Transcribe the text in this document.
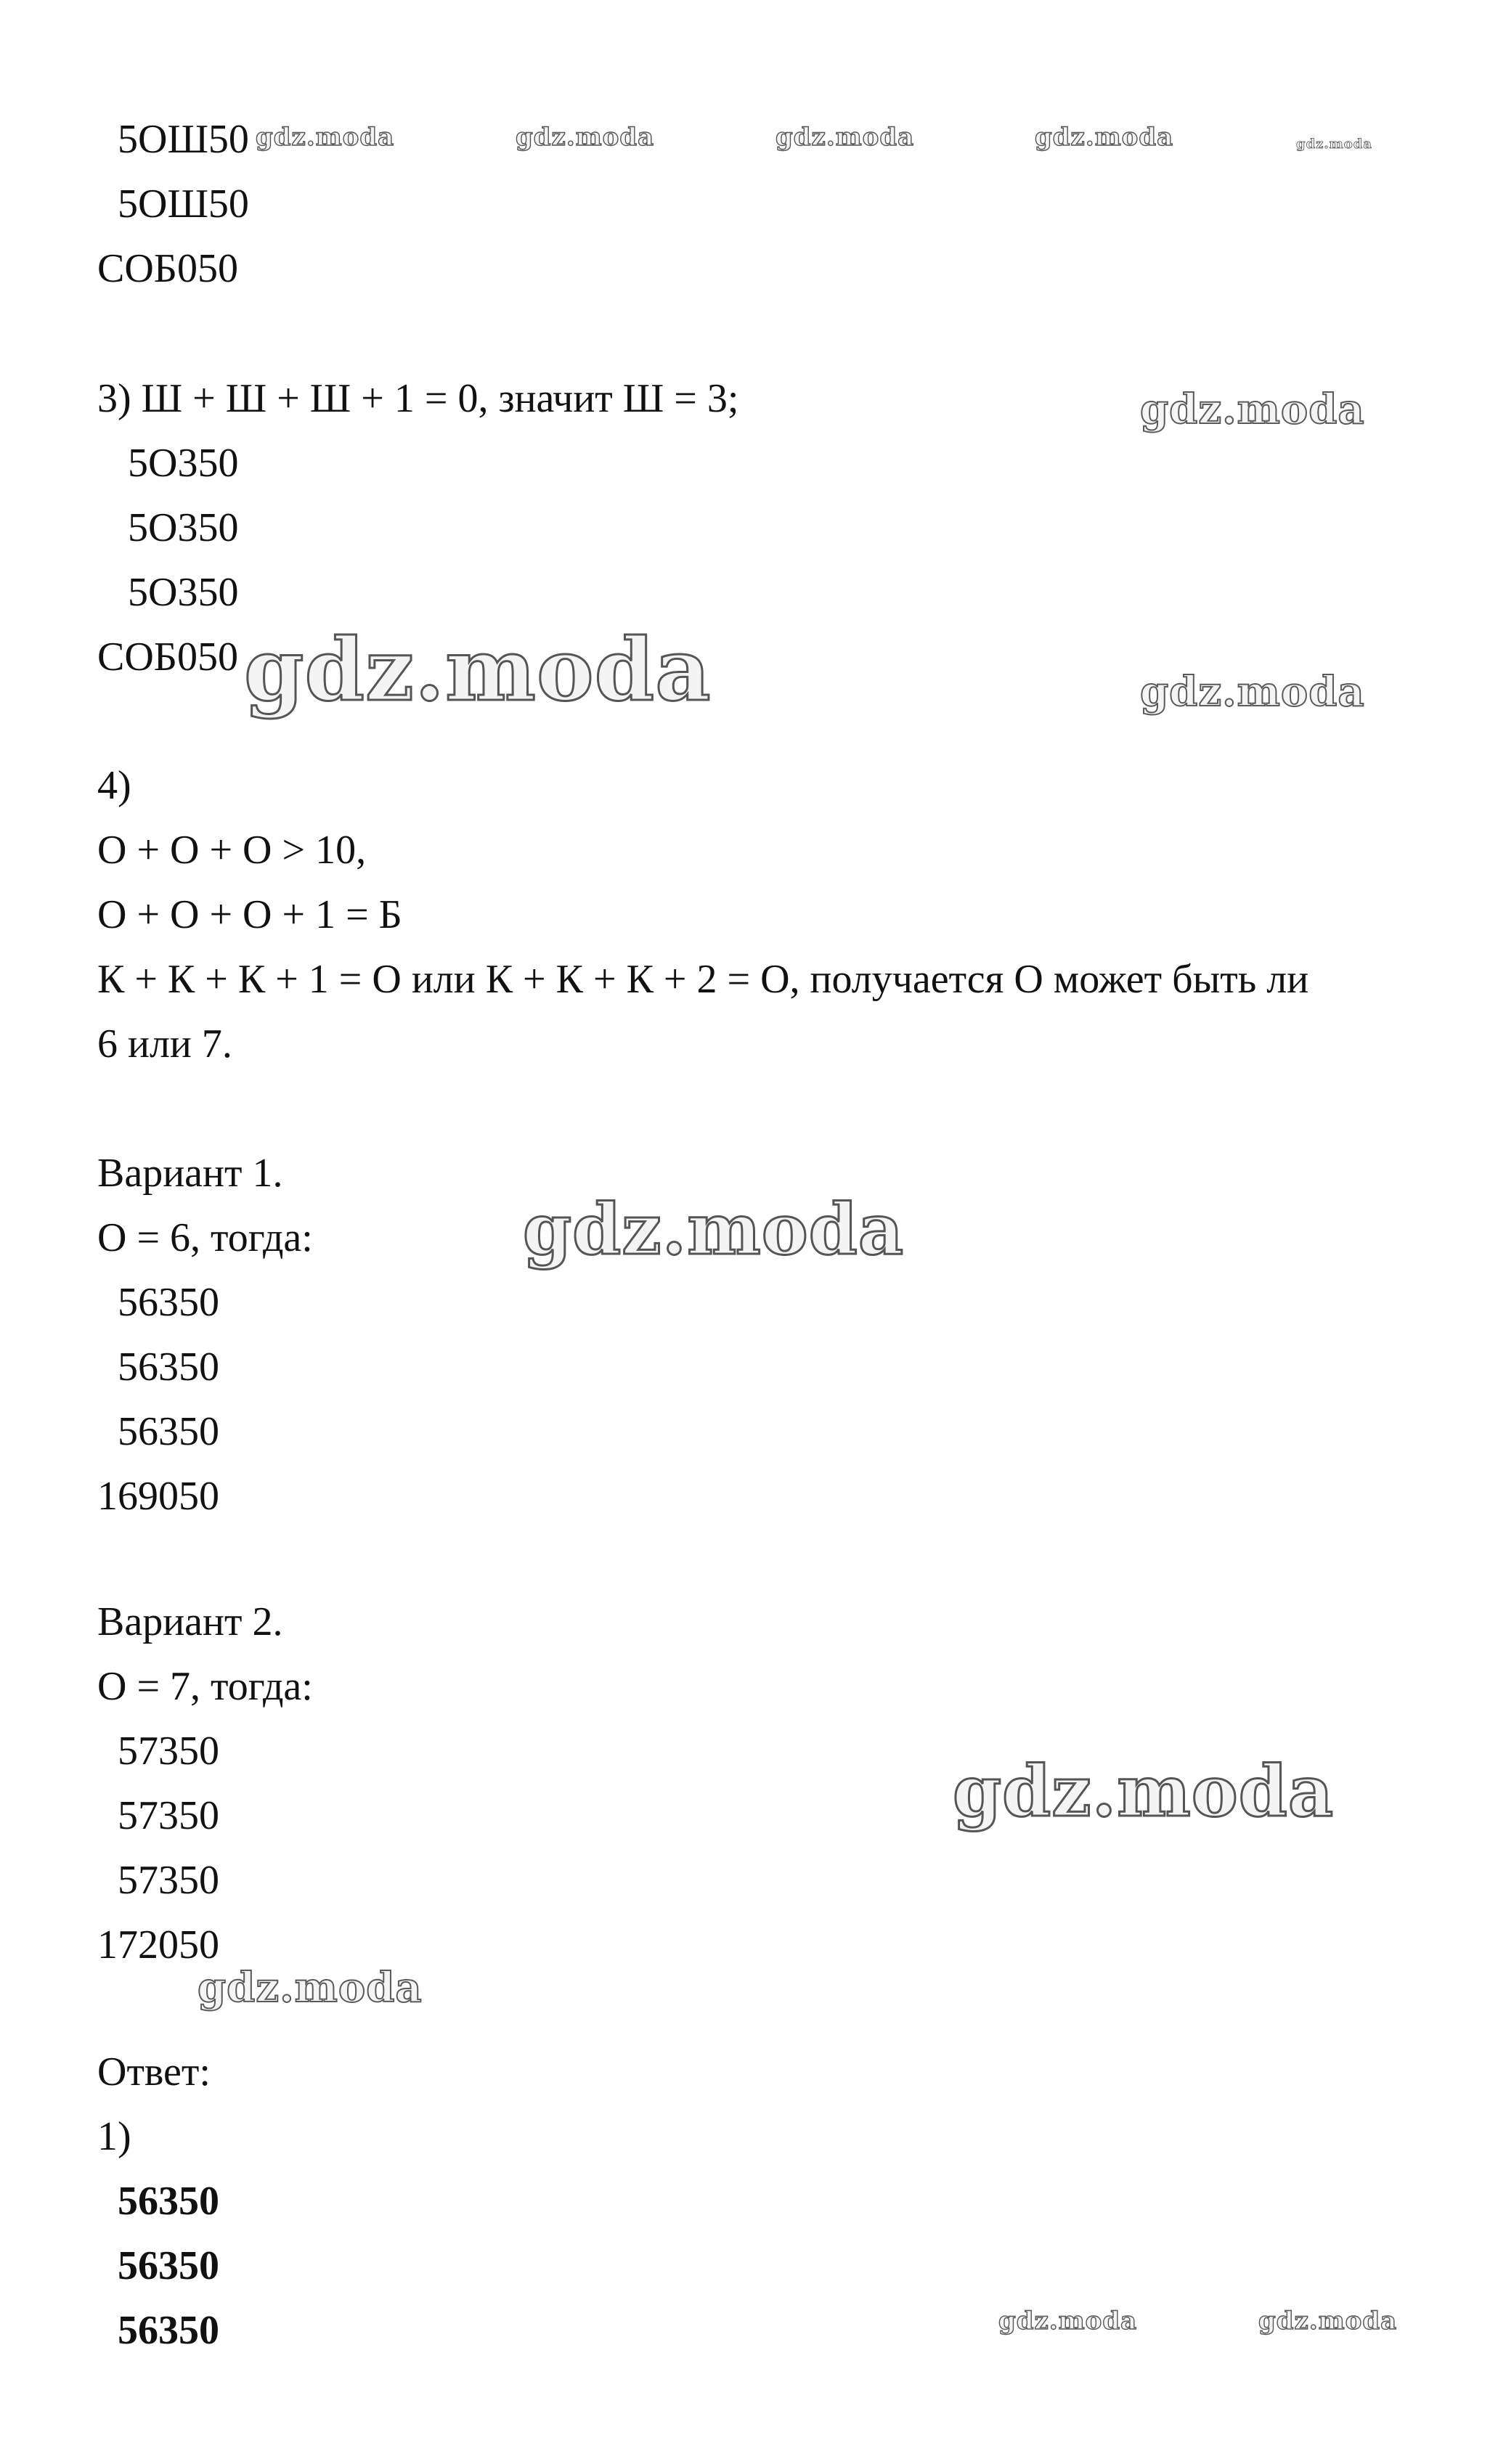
5ОШ50
5ОШ50
СОБ050
3) Ш + Ш + Ш + 1 = 0, значит Ш = 3;
5О350
5О350
5О350
СОБ050
4)
О + О + О > 10,
О + О + О + 1 = Б
К + К + К + 1 = О или К + К + К + 2 = О, получается О может быть ли
6 или 7.
Вариант 1.
О = 6, тогда:
56350
56350
56350
169050
Вариант 2.
О = 7, тогда:
57350
57350
57350
172050
Ответ:
1)
56350
56350
56350
gdz.moda	gdz.moda	gdz.moda	gdz.moda	gdz.moda
gdz.moda
gdz.moda	gdz.moda
gdz.moda
gdz.moda
gdz.moda
gdz.moda	gdz.moda
